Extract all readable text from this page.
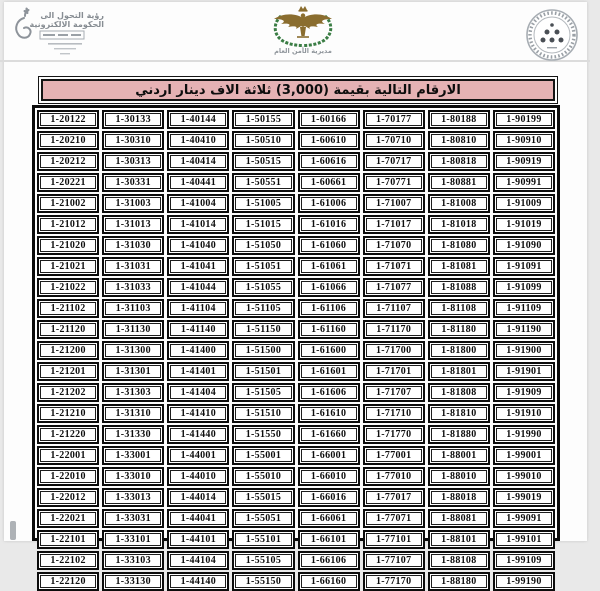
رؤية التحول الى
الحكومة الالكترونية
مديرية الأمن العام
الارقام التالية بقيمة (3,000) ثلاثة الاف دينار اردني
1-20122	1-30133	1-40144	1-50155	1-60166	1-70177	1-80188	1-90199
1-20210	1-30310	1-40410	1-50510	1-60610	1-70710	1-80810	1-90910
1-20212	1-30313	1-40414	1-50515	1-60616	1-70717	1-80818	1-90919
1-20221	1-30331	1-40441	1-50551	1-60661	1-70771	1-80881	1-90991
1-21002	1-31003	1-41004	1-51005	1-61006	1-71007	1-81008	1-91009
1-21012	1-31013	1-41014	1-51015	1-61016	1-71017	1-81018	1-91019
1-21020	1-31030	1-41040	1-51050	1-61060	1-71070	1-81080	1-91090
1-21021	1-31031	1-41041	1-51051	1-61061	1-71071	1-81081	1-91091
1-21022	1-31033	1-41044	1-51055	1-61066	1-71077	1-81088	1-91099
1-21102	1-31103	1-41104	1-51105	1-61106	1-71107	1-81108	1-91109
1-21120	1-31130	1-41140	1-51150	1-61160	1-71170	1-81180	1-91190
1-21200	1-31300	1-41400	1-51500	1-61600	1-71700	1-81800	1-91900
1-21201	1-31301	1-41401	1-51501	1-61601	1-71701	1-81801	1-91901
1-21202	1-31303	1-41404	1-51505	1-61606	1-71707	1-81808	1-91909
1-21210	1-31310	1-41410	1-51510	1-61610	1-71710	1-81810	1-91910
1-21220	1-31330	1-41440	1-51550	1-61660	1-71770	1-81880	1-91990
1-22001	1-33001	1-44001	1-55001	1-66001	1-77001	1-88001	1-99001
1-22010	1-33010	1-44010	1-55010	1-66010	1-77010	1-88010	1-99010
1-22012	1-33013	1-44014	1-55015	1-66016	1-77017	1-88018	1-99019
1-22021	1-33031	1-44041	1-55051	1-66061	1-77071	1-88081	1-99091
1-22101	1-33101	1-44101	1-55101	1-66101	1-77101	1-88101	1-99101
1-22102	1-33103	1-44104	1-55105	1-66106	1-77107	1-88108	1-99109
1-22120	1-33130	1-44140	1-55150	1-66160	1-77170	1-88180	1-99190
